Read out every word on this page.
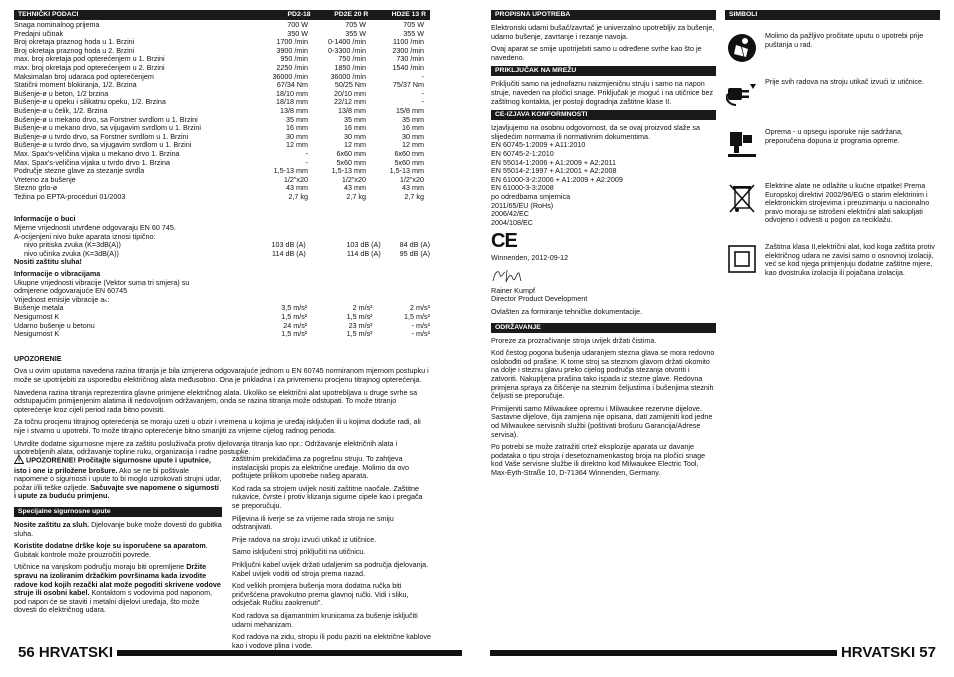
TEHNIČKI PODACI	PD2-18	PD2E 20 R	HD2E 13 R
Snaga nominalnog prijema	700 W	705 W	705 W
Predajni učinak	350 W	355 W	355 W
Broj okretaja praznog hoda u 1. Brzini	1700 /min	0-1400 /min	1100 /min
Broj okretaja praznog hoda u 2. Brzini	3900 /min	0-3300 /min	2300 /min
max. broj okretaja pod opterećenjem u 1. Brzini	950 /min	750 /min	730 /min
max. broj okretaja pod opterećenjem u 2. Brzini	2250 /min	1850 /min	1540 /min
Maksimalan broj udaraca pod opterećenjem	36000 /min	36000 /min	-
Statični moment blokiranja, 1/2. Brzina	67/34 Nm	50/25 Nm	75/37 Nm
Bušenje-ø u beton, 1/2 brzina	18/10 mm	20/10 mm	-
Bušenje-ø u opeku i silikatnu opeku, 1/2. Brzina	18/18 mm	22/12 mm	-
Bušenje-ø u čelik, 1/2. Brzina	13/8 mm	13/8 mm	15/8 mm
Bušenje-ø u mekano drvo, sa Forstner svrdlom u 1. Brzini	35 mm	35 mm	35 mm
Bušenje-ø u mekano drvo, sa vijugavim svrdlom u 1. Brzini	16 mm	16 mm	16 mm
Bušenje-ø u tvrdo drvo, sa Forstner svrdlom u 1. Brzini	30 mm	30 mm	30 mm
Bušenje-ø u tvrdo drvo, sa vijugavim svrdlom u 1. Brzini	12 mm	12 mm	12 mm
Max. Spax's-veličina vijaka u mekano drvo 1. Brzina	-	6x60 mm	6x60 mm
Max. Spax's-veličina vijaka u tvrdo drvo 1. Brzina	-	5x60 mm	5x60 mm
Područje stezne glave za stezanje svrdla	1,5-13 mm	1,5-13 mm	1,5-13 mm
Vreteno za bušenje	1/2"x20	1/2"x20	1/2"x20
Stezno grlo-ø	43 mm	43 mm	43 mm
Težina po EPTA-proceduri 01/2003	2,7 kg	2,7 kg	2,7 kg
Informacije o buci
Mjerne vrijednosti utvrđene odgovaraju EN 60 745.
A-ocijenjeni nivo buke aparata iznosi tipično:
nivo pritiska zvuka (K=3dB(A))	103 dB (A)	103 dB (A)	84 dB (A)
nivo učinka zvuka (K=3dB(A))	114 dB (A)	114 dB (A)	95 dB (A)
Nositi zaštitu sluha!
Informacije o vibracijama
Ukupne vrijednosti vibracije (Vektor suma tri smjera) su
odmjerene odgovarajuće EN 60745
Vrijednost emisije vibracije aₕ:
Bušenje metala	3,5 m/s²	2 m/s²	2 m/s²
Nesigurnost K	1,5 m/s²	1,5 m/s²	1,5 m/s²
Udarno bušenje u betonu	24 m/s²	23 m/s²	- m/s²
Nesigurnost K	1,5 m/s²	1,5 m/s²	- m/s²

UPOZORENIE

Ova u ovim uputama navedena razina titranja je bila izmjerena odgovarajuće jednom u EN 60745 normiranom mjernom postupku i može se upotrijebiti za usporedbu električnog alata međusobno. Ona je prikladna i za privremenu procjenu titrajnog opterećenja.

Navedena razina titranja reprezentira glavne primjene električnog alata. Ukoliko se električni alat upotrebljava u druge svrhe sa odstupajućim primijenjenim alatima ili nedovoljnim održavanjem, onda se razina titranja može odstupati. To može titranjo opterećenje kroz cijeli period rada bitno povisiti.

Za točnu procjenu titrajnog opterećenja se moraju uzeti u obzir i vremena u kojima je uređaj isključen ili u kojima doduše radi, ali nije i stvarno u upotrebi. To može titrajno opterećenje bitno smanjiti za vrijeme cijelog radnog perioda.

Utvrdite dodatne sigurnosne mjere za zaštitu posluživača protiv djelovanja titranja kao npr.: Održavanje električnih alata i upotrebljenih alata, održavanje topline ruku, organizacija i radne postupke.

UPOZORENIE! Pročitajte sigurnosne upute i uputnice, isto i one iz priložene brošure. Ako se ne bi poštivale napomene o sigurnosti i upute to bi moglo uzrokovati strujni udar, požar i/ili teške ozljede. Sačuvajte sve napomene o sigurnosti i upute za buduću primjenu.

Specijalne sigurnosne upute

Nosite zaštitu za sluh. Djelovanje buke može dovesti do gubitka sluha.

Koristite dodatne drške koje su isporučene sa aparatom. Gubitak kontrole može prouzročiti povrede.

Utičnice na vanjskom području moraju biti opremljene Držite spravu na izoliranim držačkim površinama kada izvodite radove kod kojih rezački alat može pogoditi skrivene vodove struje ili osobni kabel. Kontaktom s vodovima pod naponom, pod napon će se staviti i metalni dijelovi uređaja, što može dovesti do električnog udara.

zaštitnim prekidačima za pogrešnu struju. To zahtjeva instalacijski propis za električne uređaje. Molimo da ovo poštujete prilikom upotrebe našeg aparata.

Kod rada sa strojem uvijek nositi zaštitne naočale. Zaštitne rukavice, čvrste i protiv klizanja sigurne cipele kao i pregača se preporučuju.

Piljevina ili iverje se za vrijeme rada stroja ne smiju odstranjivati.

Prije radova na stroju izvući utikač iz utičnice.

Samo isključeni stroj priključiti na utičnicu.

Priključni kabel uvijek držati udaljenim sa područja djelovanja. Kabel uvijek voditi od stroja prema nazad.

Kod velikih promjera bušenja mora dodatna ručka biti pričvršćena pravokutno prema glavnoj ručki. Vidi i sliku, odsječak Ručku zaokrenuti".

Kod radova sa dijamantnim krunicama za bušenje isključiti udarni mehanizam.

Kod radova na zidu, stropu ili podu paziti na električne kablove kao i vodove plina i vode.

PROPISNA UPOTREBA

Elektronski udarni bušač/zavrtač je univerzalno upotrebljiv za bušenje, udarno bušenje, zavrtanje i rezanje navoja.

Ovaj aparat se smije upotrijebiti samo u određene svrhe kao što je navedeno.

PRIKLJUČAK NA MREŽU

Priključiti samo na jednofaznu naizmjeničnu struju i samo na napon struje, naveden na pločici snage. Priključak je moguć i na utičnice bez zaštitnog kontakta, jer postoji dogradnja zaštitne klase II.

CE-IZJAVA KONFORMNOSTI
Izjavljujemo na osobnu odgovornost, da se ovaj proizvod slaže sa slijedećim normama ili normativnim dokumentima.
EN 60745-1:2009 + A11:2010
EN 60745-2-1:2010
EN 55014-1:2006 + A1:2009 + A2:2011
EN 55014-2:1997 + A1:2001 + A2:2008
EN 61000-3-2:2006 + A1:2009 + A2:2009
EN 61000-3-3:2008
po odredbama smjernica
2011/65/EU (RoHs)
2006/42/EC
2004/108/EC
CE

Winnenden, 2012-09-12

Rainer Kumpf
Director Product Development

Ovlašten za formiranje tehničke dokumentacije.

ODRŽAVANJE

Proreze za prozračivanje stroja uvijek držati čistima.

Kod čestog pogona bušenja udaranjem stezna glava se mora redovno oslobođiti od prašine. K tome stroj sa steznom glavom držati okomito na dolje i steznu glavu preko cijelog područja stezanja otvoriti i zatvoriti. Nakupljena prašina tako ispada iz stezne glave. Redovna primjena spraya za čišćenje na steznim čeljustima i bušenjima steznih čeljusti se preporučuje.

Primijeniti samo Milwaukee opremu i Milwaukee rezervne dijelove. Sastavne dijelove, čija zamjena nije opisana, dati zamijeniti kod jedne od Milwaukee servisnih službi (poštivati brošuru Garancija/Adrese servisa).

Po potrebi se može zatražiti crtež eksplozije aparata uz davanje podataka o tipu stroja i desetoznamenkastog broja na pločici snage kod Vaše servisne službe ili direktno kod Milwaukee Electric Tool, Max-Eyth-Straße 10, D-71364 Winnenden, Germany.

SIMBOLI
Molimo da pažljivo pročitate uputu o upotrebi prije puštanja u rad.
Prije svih radova na stroju utikač izvući iz utičnice.
Oprema - u opsegu isporuke nije sadržana, preporučena dopuna iz programa opreme.
Elektrine alate ne odlažite u kućne otpatke! Prema Europskoj direktivi 2002/96/EG o starim elektrinim i elektronickim strojevima i preuzimanju u nacionalno pravo moraju se istrošeni električni alati sakupljati odvojeno i odvesti u pogon za reciklažu.
Zaštitna klasa II,električni alat, kod koga zaštita protiv električnog udara ne zavisi samo o osnovnoj izolaciji, već se kod njega primjenjuju dodatne zaštitne mjere, kao dvostruka izolacija ili pojačana izolacija.
56 HRVATSKI	HRVATSKI 57
